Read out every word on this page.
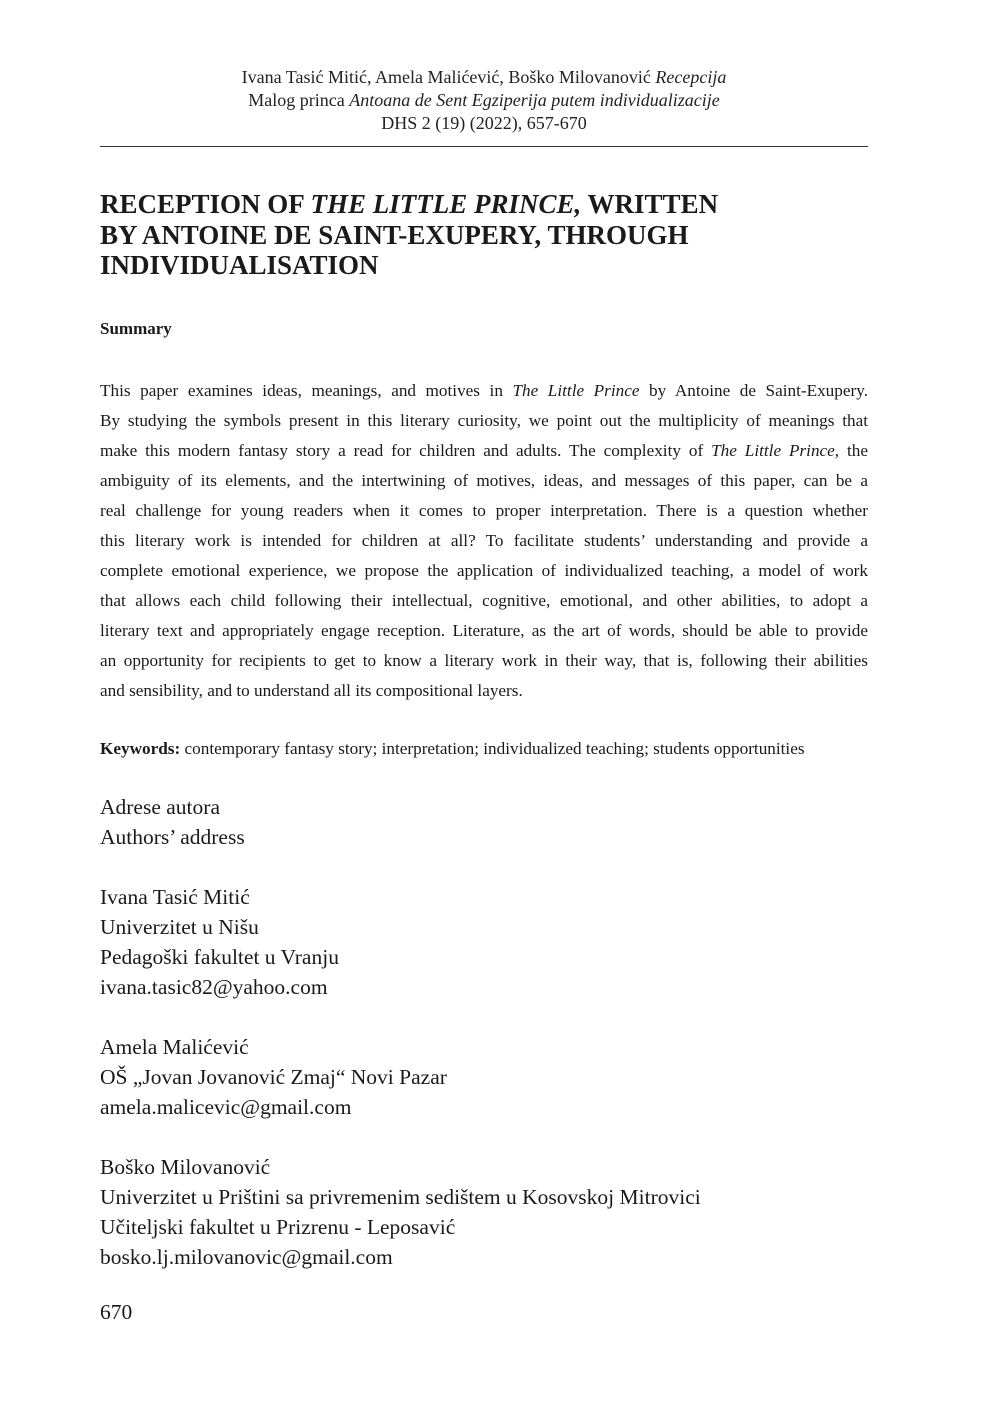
Ivana Tasić Mitić, Amela Malićević, Boško Milovanović Recepcija
Malog princa Antoana de Sent Egziperija putem individualizacije
DHS 2 (19) (2022), 657-670
RECEPTION OF THE LITTLE PRINCE, WRITTEN
BY ANTOINE DE SAINT-EXUPERY, THROUGH
INDIVIDUALISATION

Summary

This paper examines ideas, meanings, and motives in The Little Prince by Antoine de Saint-Exupery.
By studying the symbols present in this literary curiosity, we point out the multiplicity of meanings that
make this modern fantasy story a read for children and adults. The complexity of The Little Prince, the
ambiguity of its elements, and the intertwining of motives, ideas, and messages of this paper, can be a
real challenge for young readers when it comes to proper interpretation. There is a question whether
this literary work is intended for children at all? To facilitate students’ understanding and provide a
complete emotional experience, we propose the application of individualized teaching, a model of work
that allows each child following their intellectual, cognitive, emotional, and other abilities, to adopt a
literary text and appropriately engage reception. Literature, as the art of words, should be able to provide
an opportunity for recipients to get to know a literary work in their way, that is, following their abilities
and sensibility, and to understand all its compositional layers.

Keywords: contemporary fantasy story; interpretation; individualized teaching; students opportunities

Adrese autora
Authors’ address
Ivana Tasić Mitić
Univerzitet u Nišu
Pedagoški fakultet u Vranju
ivana.tasic82@yahoo.com
Amela Malićević
OŠ „Jovan Jovanović Zmaj“ Novi Pazar
amela.malicevic@gmail.com
Boško Milovanović
Univerzitet u Prištini sa privremenim sedištem u Kosovskoj Mitrovici
Učiteljski fakultet u Prizrenu - Leposavić
bosko.lj.milovanovic@gmail.com
670
